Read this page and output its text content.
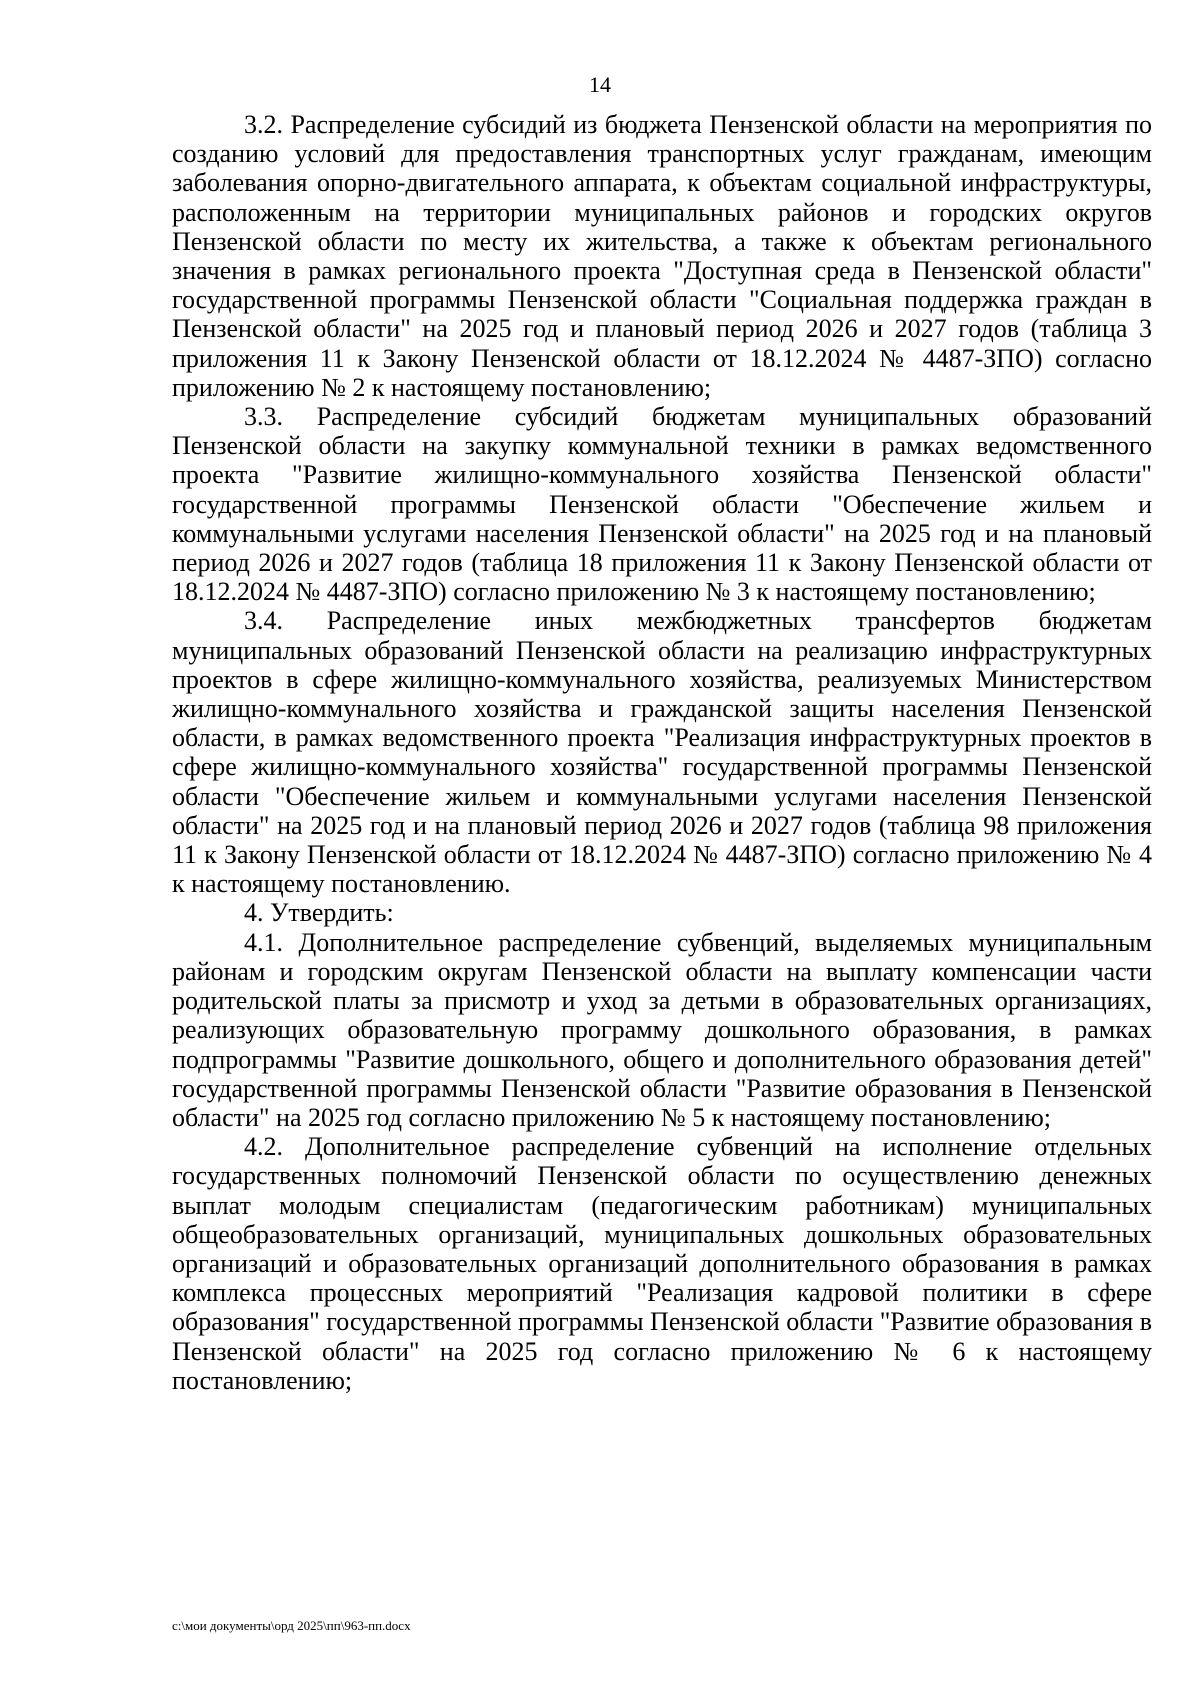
14

3.2. Распределение субсидий из бюджета Пензенской области на мероприятия по созданию условий для предоставления транспортных услуг гражданам, имеющим заболевания опорно-двигательного аппарата, к объектам социальной инфраструктуры, расположенным на территории муниципальных районов и городских округов Пензенской области по месту их жительства, а также к объектам регионального значения в рамках регионального проекта "Доступная среда в Пензенской области" государственной программы Пензенской области "Социальная поддержка граждан в Пензенской области" на 2025 год и плановый период 2026 и 2027 годов (таблица 3 приложения 11 к Закону Пензенской области от 18.12.2024 № 4487-ЗПО) согласно приложению № 2 к настоящему постановлению;

3.3. Распределение субсидий бюджетам муниципальных образований Пензенской области на закупку коммунальной техники в рамках ведомственного проекта "Развитие жилищно-коммунального хозяйства Пензенской области" государственной программы Пензенской области "Обеспечение жильем и коммунальными услугами населения Пензенской области" на 2025 год и на плановый период 2026 и 2027 годов (таблица 18 приложения 11 к Закону Пензенской области от 18.12.2024 № 4487-ЗПО) согласно приложению № 3 к настоящему постановлению;

3.4. Распределение иных межбюджетных трансфертов бюджетам муниципальных образований Пензенской области на реализацию инфраструктурных проектов в сфере жилищно-коммунального хозяйства, реализуемых Министерством жилищно-коммунального хозяйства и гражданской защиты населения Пензенской области, в рамках ведомственного проекта "Реализация инфраструктурных проектов в сфере жилищно-коммунального хозяйства" государственной программы Пензенской области "Обеспечение жильем и коммунальными услугами населения Пензенской области" на 2025 год и на плановый период 2026 и 2027 годов (таблица 98 приложения 11 к Закону Пензенской области от 18.12.2024 № 4487-ЗПО) согласно приложению № 4 к настоящему постановлению.

4. Утвердить:

4.1. Дополнительное распределение субвенций, выделяемых муниципальным районам и городским округам Пензенской области на выплату компенсации части родительской платы за присмотр и уход за детьми в образовательных организациях, реализующих образовательную программу дошкольного образования, в рамках подпрограммы "Развитие дошкольного, общего и дополнительного образования детей" государственной программы Пензенской области "Развитие образования в Пензенской области" на 2025 год согласно приложению № 5 к настоящему постановлению;

4.2. Дополнительное распределение субвенций на исполнение отдельных государственных полномочий Пензенской области по осуществлению денежных выплат молодым специалистам (педагогическим работникам) муниципальных общеобразовательных организаций, муниципальных дошкольных образовательных организаций и образовательных организаций дополнительного образования в рамках комплекса процессных мероприятий "Реализация кадровой политики в сфере образования" государственной программы Пензенской области "Развитие образования в Пензенской области" на 2025 год согласно приложению № 6 к настоящему постановлению;

c:\мои документы\орд 2025\пп\963-пп.docx
